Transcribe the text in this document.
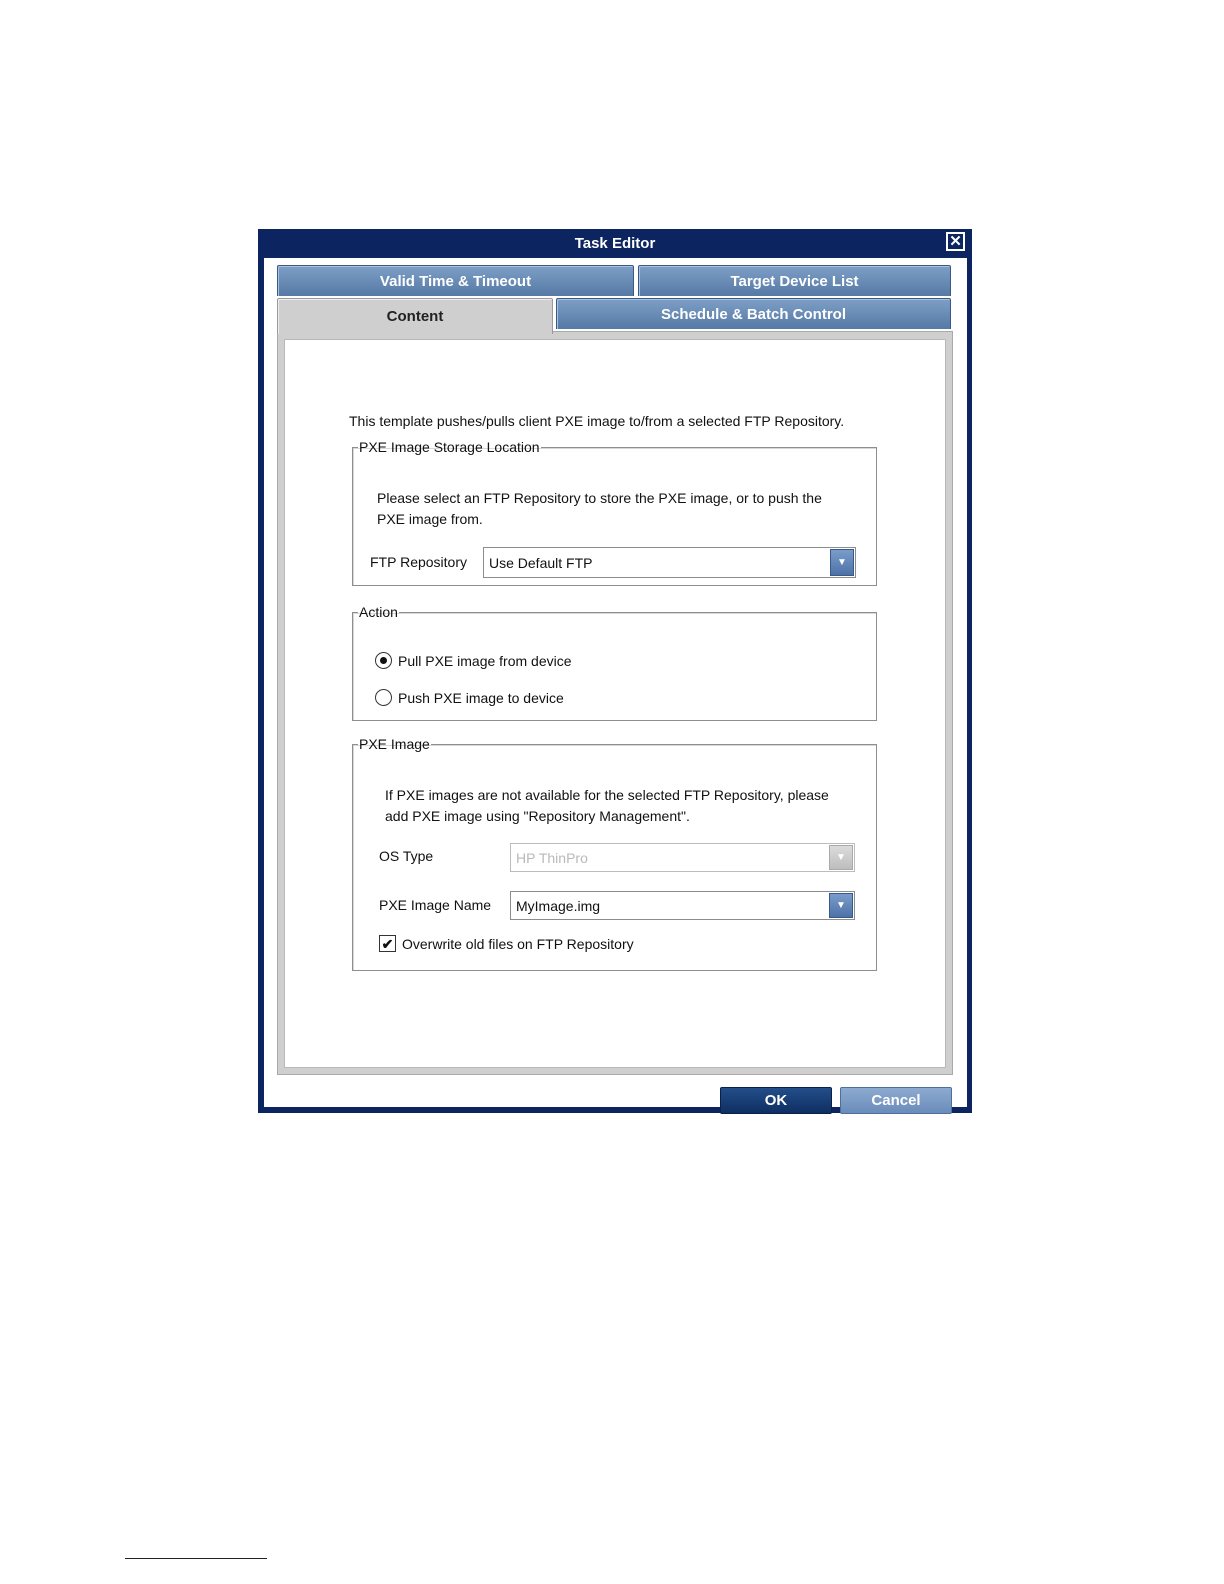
Task Editor	✕
Valid Time & Timeout	Target Device List
This template pushes/pulls client PXE image to/from a selected FTP Repository.
PXE Image Storage Location
Please select an FTP Repository to store the PXE image, or to push the PXE image from.
FTP Repository Use Default FTP	▼
Action
Pull PXE image from device
Push PXE image to device
PXE Image
If PXE images are not available for the selected FTP Repository, please add PXE image using "Repository Management".
OS Type	HP ThinPro	▼
PXE Image Name MyImage.img	▼
✔ Overwrite old files on FTP Repository
Schedule & Batch Control
Content
OK	Cancel
